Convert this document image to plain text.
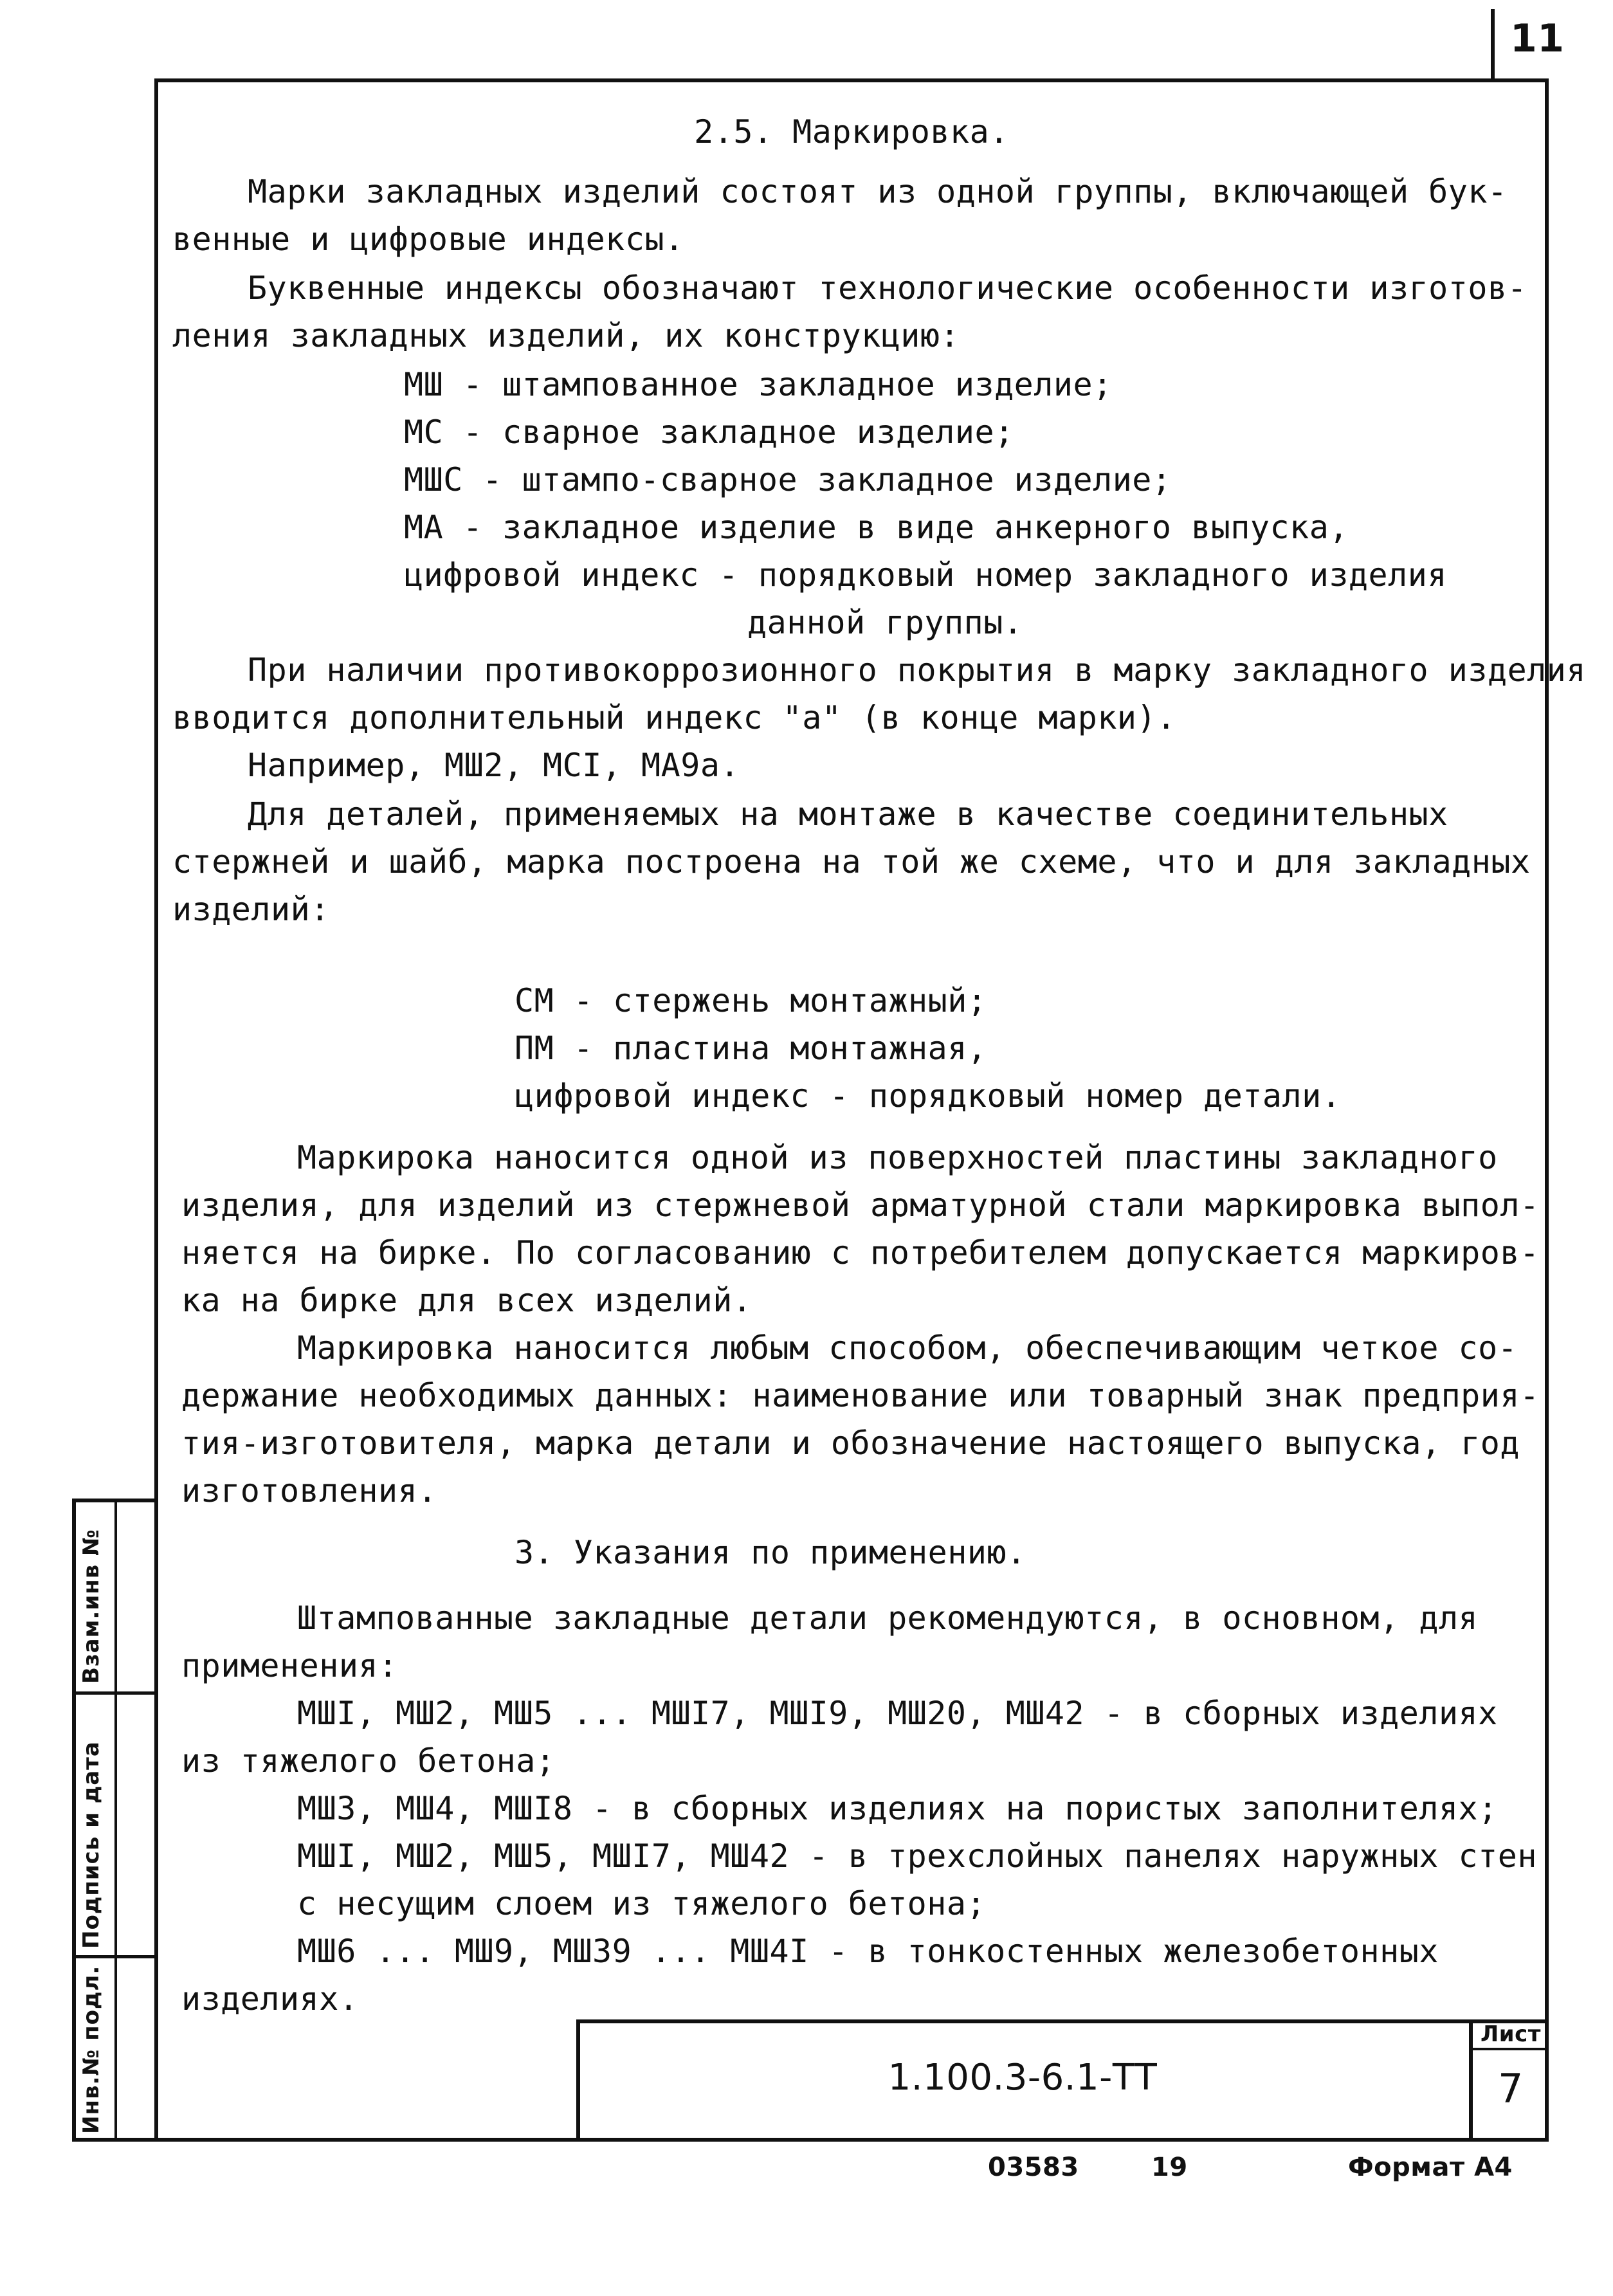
11
Взам.инв №
Подпись и дата
Инв.№ подл.
2.5. Маркировка.
Марки закладных изделий состоят из одной группы, включающей бук-
венные и цифровые индексы.
Буквенные индексы обозначают технологические особенности изготов-
ления закладных изделий, их конструкцию:
МШ - штампованное закладное изделие;
МС - сварное закладное изделие;
МШС - штампо-сварное закладное изделие;
МА - закладное изделие в виде анкерного выпуска,
цифровой индекс - порядковый номер закладного изделия
данной группы.
При наличии противокоррозионного покрытия в марку закладного изделия
вводится дополнительный индекс "а" (в конце марки).
Например, МШ2, МСI, МА9а.
Для деталей, применяемых на монтаже в качестве соединительных
стержней и шайб, марка построена на той же схеме, что и для закладных
изделий:
СМ - стержень монтажный;
ПМ - пластина монтажная,
цифровой индекс - порядковый номер детали.
Маркирока наносится одной из поверхностей пластины закладного
изделия, для изделий из стержневой арматурной стали маркировка выпол-
няется на бирке. По согласованию с потребителем допускается маркиров-
ка на бирке для всех изделий.
Маркировка наносится любым способом, обеспечивающим четкое со-
держание необходимых данных: наименование или товарный знак предприя-
тия-изготовителя, марка детали и обозначение настоящего выпуска, год
изготовления.
3. Указания по применению.
Штампованные закладные детали рекомендуются, в основном, для
применения:
МШI, МШ2, МШ5 ... МШI7, МШI9, МШ20, МШ42 - в сборных изделиях
из тяжелого бетона;
МШ3, МШ4, МШI8 - в сборных изделиях на пористых заполнителях;
МШI, МШ2, МШ5, МШI7, МШ42 - в трехслойных панелях наружных стен
с несущим слоем из тяжелого бетона;
МШ6 ... МШ9, МШ39 ... МШ4I - в тонкостенных железобетонных
изделиях.
1.100.3-6.1-ТТ
Лист
7
03583	19	Формат А4
